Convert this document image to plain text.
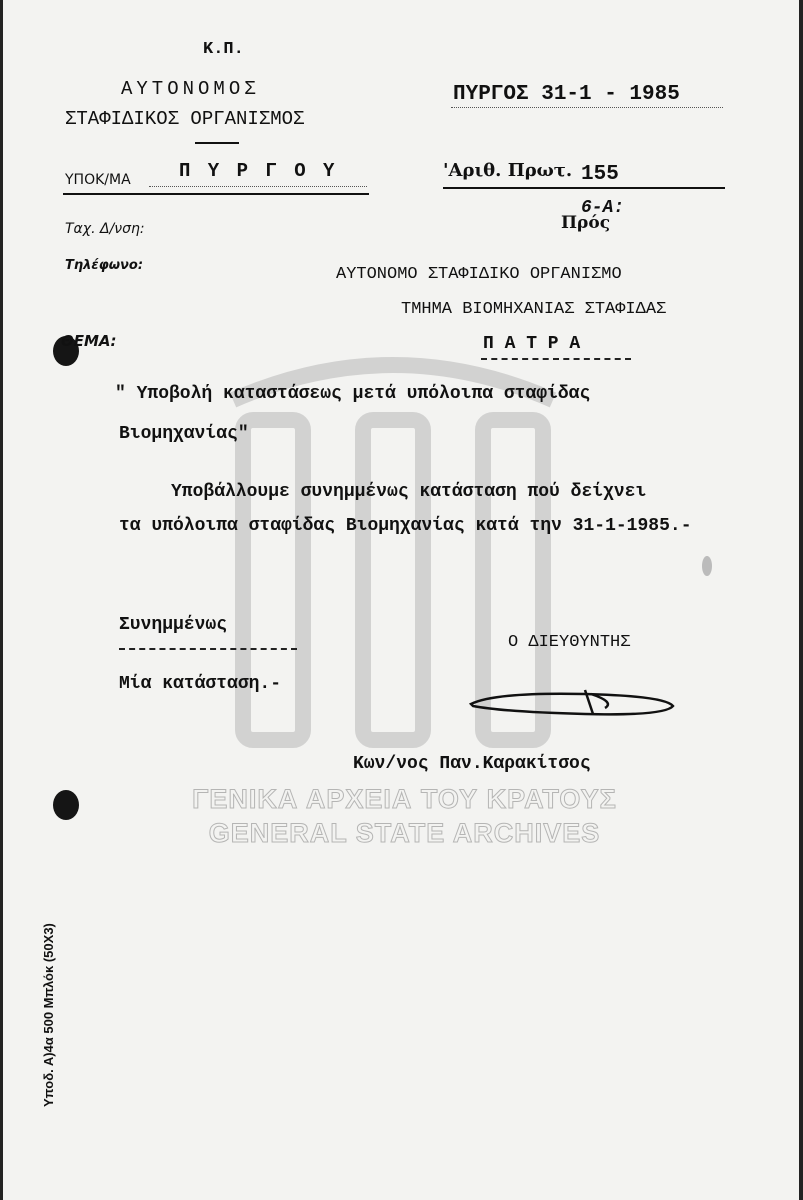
Κ.Π.
ΑΥΤΟΝΟΜΟΣ
ΣΤΑΦΙΔΙΚΟΣ ΟΡΓΑΝΙΣΜΟΣ
ΥΠΟΚ/ΜΑ	Π Υ Ρ Γ Ο Υ
Ταχ. Δ/νση:
Τηλέφωνο:
ΠΥΡΓΟΣ 31-1 - 1985
'Αριθ. Πρωτ. 155
Πρός
6-Α:
ΑΥΤΟΝΟΜΟ ΣΤΑΦΙΔΙΚΟ ΟΡΓΑΝΙΣΜΟ
ΤΜΗΜΑ ΒΙΟΜΗΧΑΝΙΑΣ ΣΤΑΦΙΔΑΣ
Π Α Τ Ρ Α
ΘΕΜΑ:
" Υποβολή καταστάσεως μετά υπόλοιπα σταφίδας
Βιομηχανίας"
Υποβάλλουμε συνημμένως κατάσταση πού δείχνει
τα υπόλοιπα σταφίδας Βιομηχανίας κατά την 31-1-1985.-
Συνημμένως
Μία κατάσταση.-
Ο ΔΙΕΥΘΥΝΤΗΣ
Κων/νος Παν.Καρακίτσος
ΓΕΝΙΚΑ ΑΡΧΕΙΑ ΤΟΥ ΚΡΑΤΟΥΣ
GENERAL STATE ARCHIVES
Υποδ. Α)4α 500 Μπλόκ (50Χ3)
